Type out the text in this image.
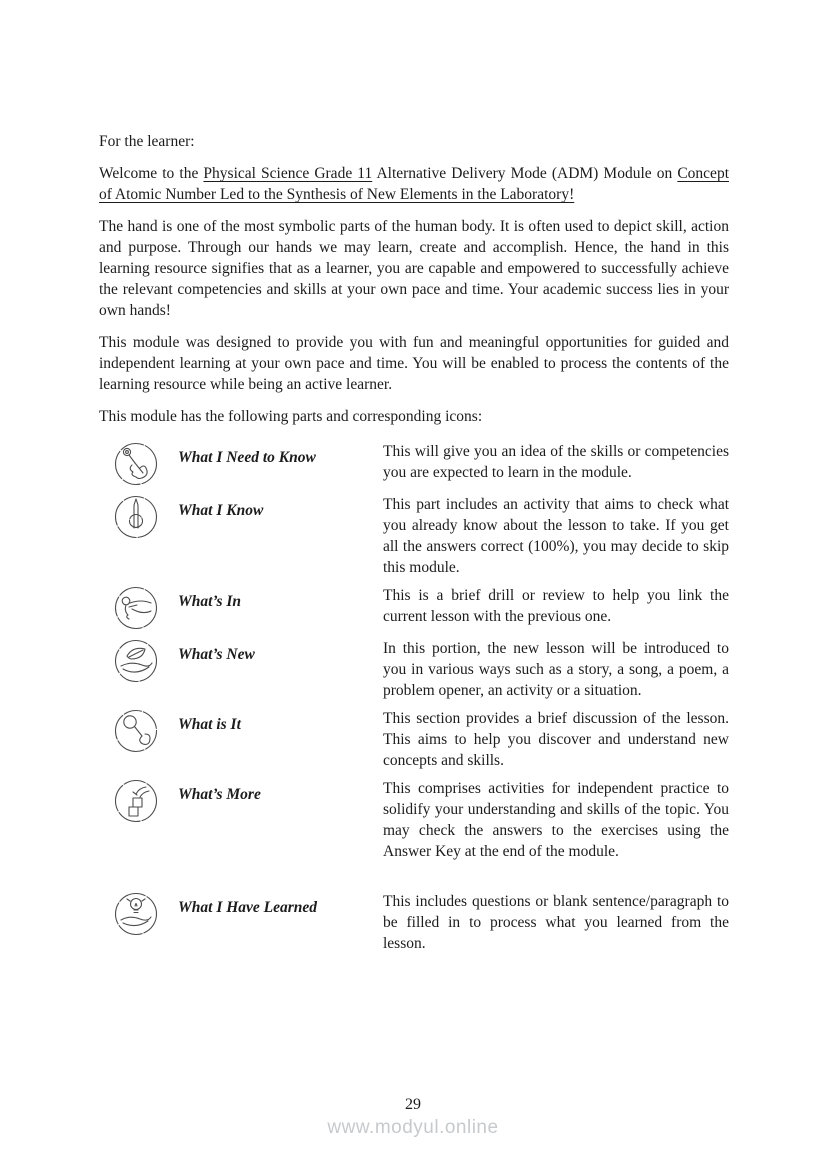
For the learner:

Welcome to the Physical Science Grade 11 Alternative Delivery Mode (ADM) Module on Concept of Atomic Number Led to the Synthesis of New Elements in the Laboratory!

The hand is one of the most symbolic parts of the human body. It is often used to depict skill, action and purpose. Through our hands we may learn, create and accomplish. Hence, the hand in this learning resource signifies that as a learner, you are capable and empowered to successfully achieve the relevant competencies and skills at your own pace and time. Your academic success lies in your own hands!

This module was designed to provide you with fun and meaningful opportunities for guided and independent learning at your own pace and time. You will be enabled to process the contents of the learning resource while being an active learner.

This module has the following parts and corresponding icons:

What I Need to Know	This will give you an idea of the skills or competencies you are expected to learn in the module.
What I Know	This part includes an activity that aims to check what you already know about the lesson to take. If you get all the answers correct (100%), you may decide to skip this module.
What’s In	This is a brief drill or review to help you link the current lesson with the previous one.
What’s New	In this portion, the new lesson will be introduced to you in various ways such as a story, a song, a poem, a problem opener, an activity or a situation.
What is It	This section provides a brief discussion of the lesson. This aims to help you discover and understand new concepts and skills.
What’s More	This comprises activities for independent practice to solidify your understanding and skills of the topic. You may check the answers to the exercises using the Answer Key at the end of the module.
What I Have Learned	This includes questions or blank sentence/paragraph to be filled in to process what you learned from the lesson.
29
www.modyul.online
